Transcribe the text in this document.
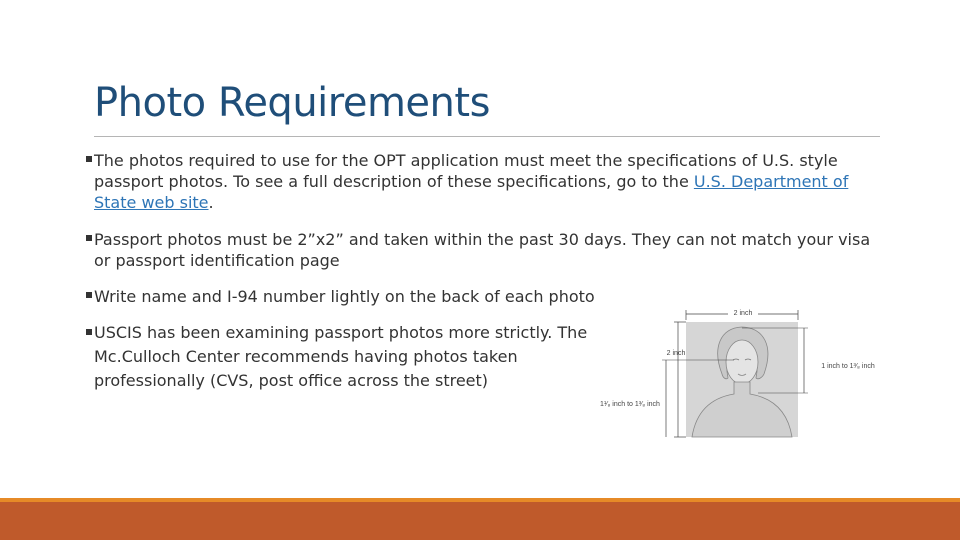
Photo Requirements
The photos required to use for the OPT application must meet the specifications of U.S. style passport photos. To see a full description of these specifications, go to the U.S. Department of State web site.
Passport photos must be 2”x2” and taken within the past 30 days. They can not match your visa or passport identification page
Write name and I-94 number lightly on the back of each photo
USCIS has been examining passport photos more strictly. The Mc.Culloch Center recommends having photos taken professionally (CVS, post office across the street)
2 inch
2 inch
1 inch to 1³⁄₈ inch
1¹⁄₈ inch to 1³⁄₈ inch
